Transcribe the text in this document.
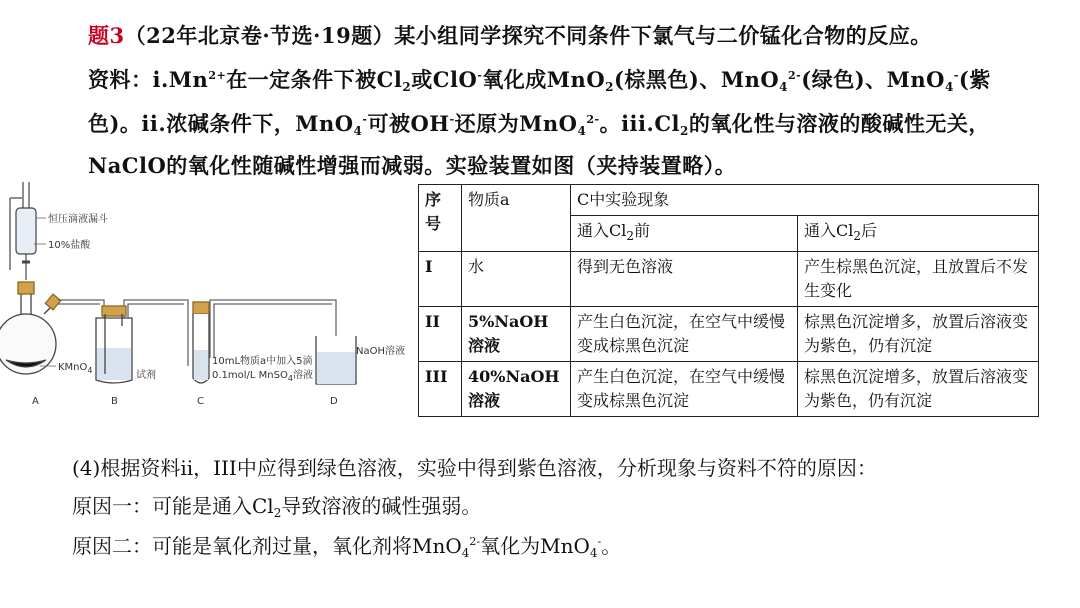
题3（22年北京卷·节选·19题）某小组同学探究不同条件下氯气与二价锰化合物的反应。
资料：$i.Mn^{2+}$在一定条件下被$Cl_2$或ClO-氧化成MnO$_2$(棕黑色)、MnO$_4^{2-}$(绿色)、MnO$_4$-(紫
色)。ii.浓碱条件下，MnO$_4$-可被OH-还原为MnO$_4^{2-}$。$iii.Cl_2$的氧化性与溶液的酸碱性无关，
NaClO的氧化性随碱性增强而减弱。实验装置如图（夹持装置略）。
恒压滴液漏斗
10%盐酸
KMnO$_4$	试剂
10mL物质a中加入5滴
0.1mol/L MnSO$_4$溶液
NaOH溶液
A	B	C	D
序号	物质a	C中实验现象	
		通入$Cl_2$前	通入$Cl_2$后
I	水	得到无色溶液	产生棕黑色沉淀，且放置后不发生变化
II	5%NaOH溶液	产生白色沉淀，在空气中缓慢变成棕黑色沉淀	棕黑色沉淀增多，放置后溶液变为紫色，仍有沉淀
III	40%NaOH溶液	产生白色沉淀，在空气中缓慢变成棕黑色沉淀	棕黑色沉淀增多，放置后溶液变为紫色，仍有沉淀
(4)根据资料ii，III中应得到绿色溶液，实验中得到紫色溶液，分析现象与资料不符的原因：
原因一：可能是通入$Cl_2$导致溶液的碱性强弱。
原因二：可能是氧化剂过量，氧化剂将MnO$_4^{2-}$氧化为MnO$_4$-。
